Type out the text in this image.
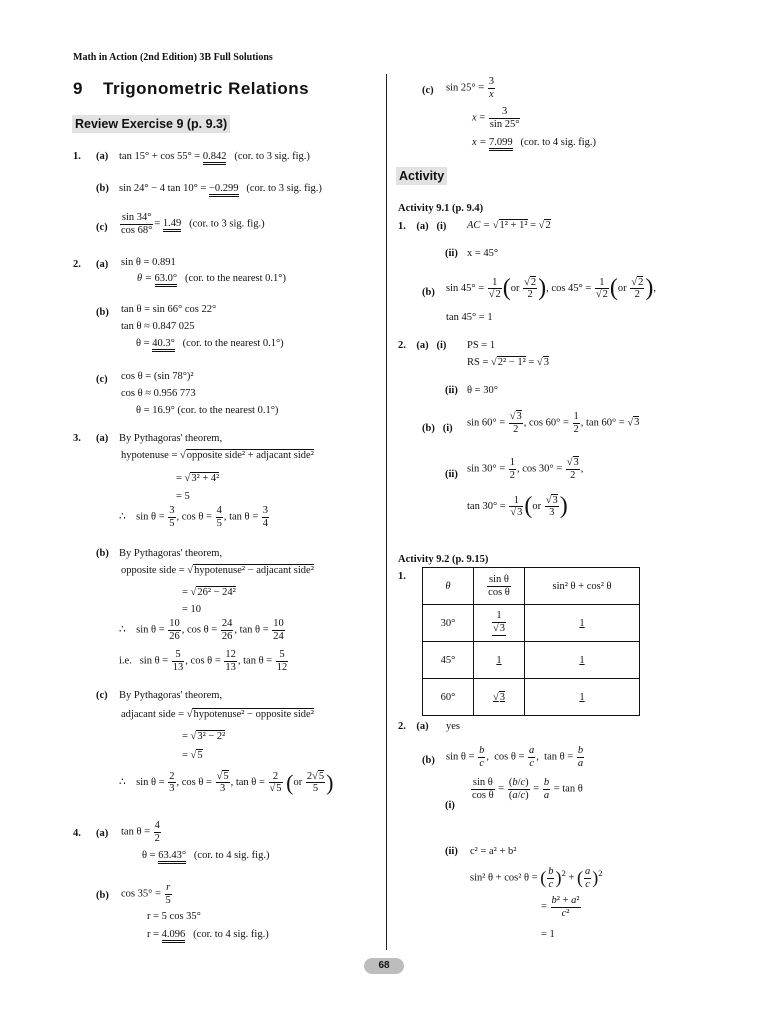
Math in Action (2nd Edition) 3B Full Solutions
9 Trigonometric Relations
Review Exercise 9 (p. 9.3)
1. (a) tan 15° + cos 55° = 0.842 (cor. to 3 sig. fig.)
(b) sin 24° − 4 tan 10° = −0.299 (cor. to 3 sig. fig.)
$(c) \frac{\sin 34^\circ}{\cos 68^\circ} = 1.49$ (cor. to 3 sig. fig.)
2. (a) sin θ = 0.891
θ = 63.0° (cor. to the nearest 0.1°)
(b) tan θ = sin 66° cos 22°
tan θ ≈ 0.847 025
θ = 40.3° (cor. to the nearest 0.1°)
(c) cos θ = (sin 78°)²
cos θ ≈ 0.956 773
θ = 16.9° (cor. to the nearest 0.1°)
3. (a) By Pythagoras' theorem,
hypotenuse = √ opposite side² + adjacant side²
= √ 3² + 4²
= 5
∴    $\sin \theta = \frac{3}{5}$ , $\cos \theta = \frac{4}{5}$ , $\tan \theta = \frac{3}{4}$
(b) By Pythagoras' theorem,
opposite side = √ hypotenuse² − adjacant side²
= √ 26² − 24²
= 10
∴    $\sin \theta = \frac{10}{26}$ , $\cos \theta = \frac{24}{26}$ , $\tan \theta = \frac{10}{24}$
i.e.   $\sin \theta = \frac{5}{13}$ , $\cos \theta = \frac{12}{13}$ , $\tan \theta = \frac{5}{12}$
(c) By Pythagoras' theorem,
adjacant side = √ hypotenuse² − opposite side²
= √ 3² − 2²
= √ 5
∴    $\sin \theta = \frac{2}{3}$ , $\cos \theta = \frac{√5}{3}$ , $\tan \theta = \frac{2}{√5} (or \frac{2√5}{5}$ )
4. (a) $\tan \theta = \frac{4}{2}$
θ = 63.43° (cor. to 4 sig. fig.)
(b) $\cos 35^\circ = \frac{r}{5}$
r = 5 cos 35°
r = 4.096 (cor. to 4 sig. fig.)
(c) $\sin 25^\circ = \frac{3}{x}$
$x = \frac{3}{\sin 25^\circ}$
x = 7.099 (cor. to 4 sig. fig.)
Activity
Activity 9.1 (p. 9.4)
1.    (a)   (i) AC = √ 1² + 1² = √2
(ii) x = 45°
(b) $\sin 45^\circ = \frac{1}{√2} (or \frac{√2}{2}$ ), $\cos 45^\circ = \frac{1}{√2} (or \frac{√2}{2}$ ),
tan 45° = 1
2.    (a)   (i) PS = 1
RS = √ 2² − 1² = √3
(ii) θ = 30°
(b)   (i)
$\sin 60^\circ = \frac{√3}{2}$ , $\cos 60^\circ = \frac{1}{2}$ , tan 60° = √3
(ii)
$\sin 30^\circ = \frac{1}{2}$ , $\cos 30^\circ = \frac{√3}{2}$ ,
$\tan 30^\circ = \frac{1}{√3} (or \frac{√3}{3}$ )
Activity 9.2 (p. 9.15)
1.
θ	$\frac{\text{sin θ}}{\text{cos θ}}$	sin² θ + cos² θ
30°	$\frac{1}{√3}$	1
45°	1	1
60°	√3	1
2.    (a) yes
(b) $\sin \theta = \frac{b}{c}$ ,  $\cos \theta = \frac{a}{c}$ ,  $\tan \theta = \frac{b}{a}$
(i)
$\frac{\text{sin θ}}{\text{cos θ}} = \frac{(b/c)}{(a/c)} = \frac{b}{a} = \tan \theta$
(ii) c² = a² + b²
sin² θ + cos² θ = ( $\frac{b}{c} )^2$ + ( $\frac{a}{c} )^2$
= $\frac{\text{b² + a²}}{\text{c²}}$
= 1
68
